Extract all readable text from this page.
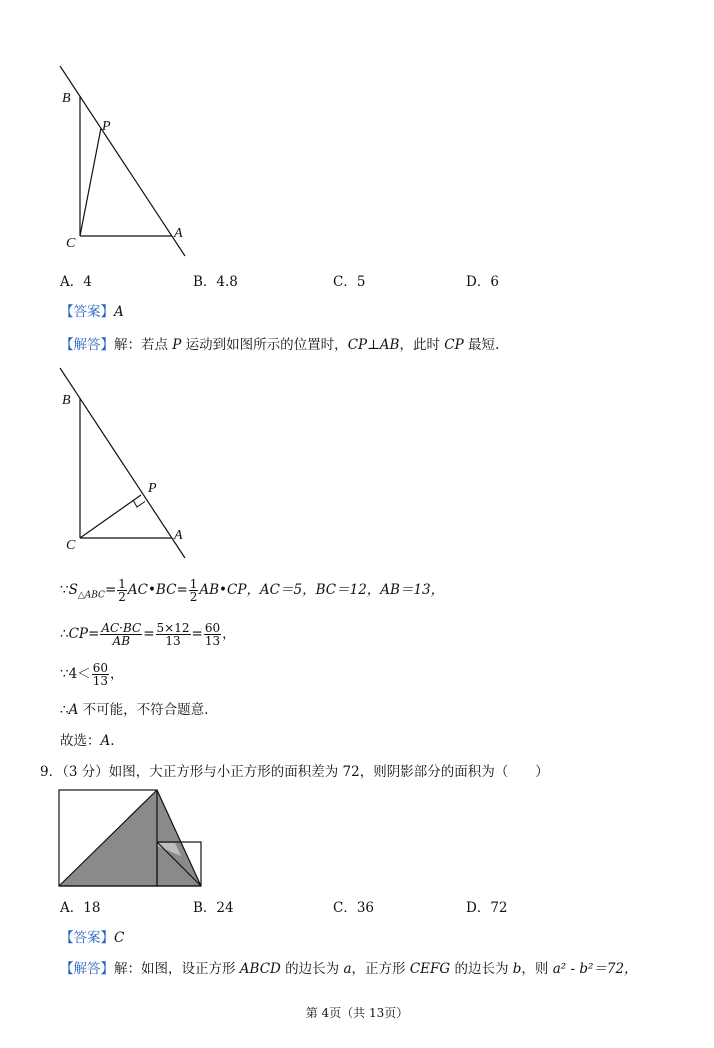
B
P
C
A
A．4	B．4.8	C．5	D．6
【答案】A
【解答】解：若点 P 运动到如图所示的位置时，CP⊥AB，此时 CP 最短.
B
P
C
A
$\because S_{\triangle ABC}= \frac{1}{2}$ AC•BC= $\frac{1}{2}$ AB•CP，AC＝5，BC＝12，AB＝13，
∴CP= $\frac{AC\cdot BC}{AB} = \frac{5\times 12}{13} = \frac{60}{13}$ ，
∵4＜ $\frac{60}{13}$ ，
∴A 不可能，不符合题意.
故选：A.
9．（3 分）如图，大正方形与小正方形的面积差为 72，则阴影部分的面积为（　　）
A．18	B．24	C．36	D．72
【答案】C
【解答】解：如图，设正方形 ABCD 的边长为 a，正方形 CEFG 的边长为 b，则 a² - b²＝72，
第 4页（共 13页）
